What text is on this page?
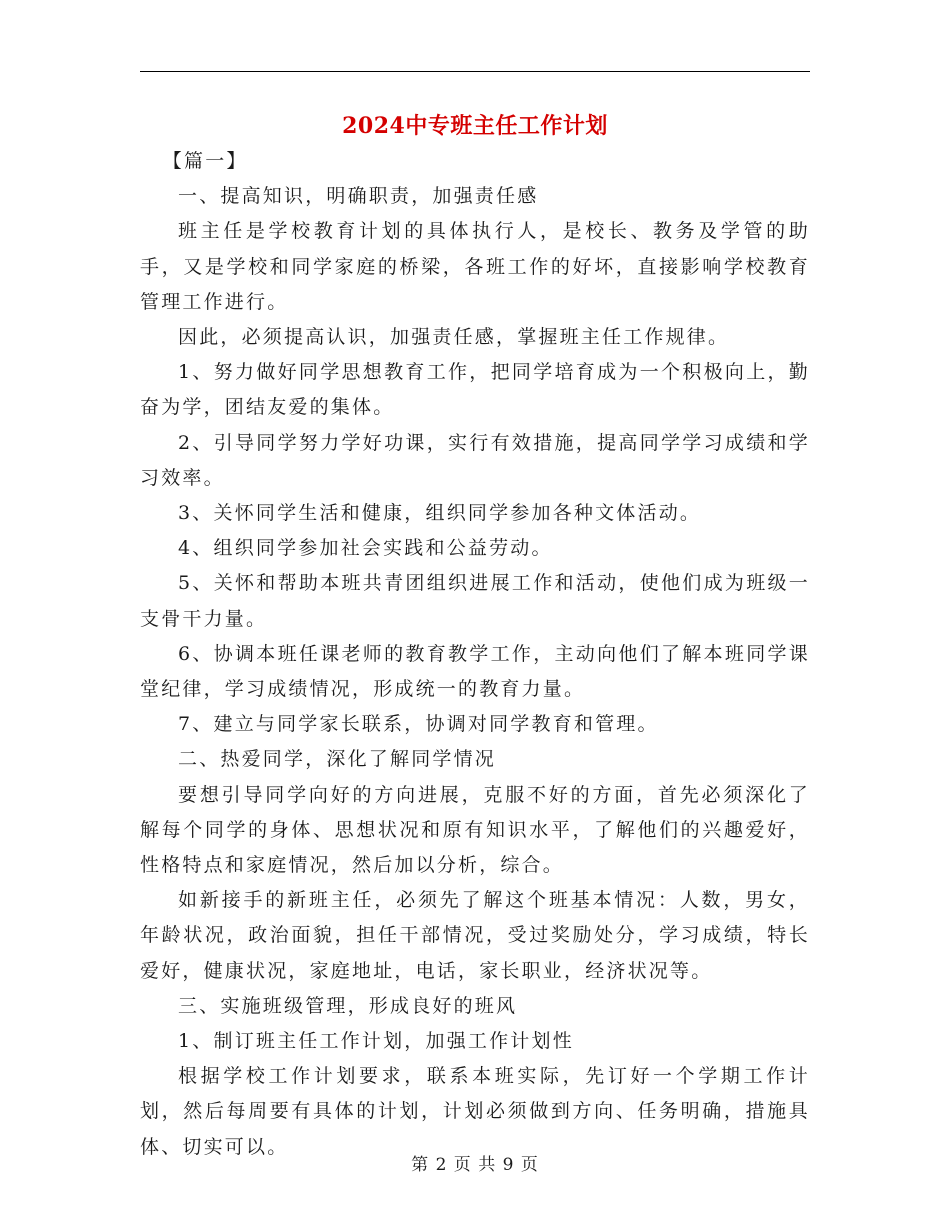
2024中专班主任工作计划

【篇一】

一、提高知识，明确职责，加强责任感

班主任是学校教育计划的具体执行人，是校长、教务及学管的助手，又是学校和同学家庭的桥梁，各班工作的好坏，直接影响学校教育管理工作进行。

因此，必须提高认识，加强责任感，掌握班主任工作规律。

1、努力做好同学思想教育工作，把同学培育成为一个积极向上，勤奋为学，团结友爱的集体。

2、引导同学努力学好功课，实行有效措施，提高同学学习成绩和学习效率。

3、关怀同学生活和健康，组织同学参加各种文体活动。

4、组织同学参加社会实践和公益劳动。

5、关怀和帮助本班共青团组织进展工作和活动，使他们成为班级一支骨干力量。

6、协调本班任课老师的教育教学工作，主动向他们了解本班同学课堂纪律，学习成绩情况，形成统一的教育力量。

7、建立与同学家长联系，协调对同学教育和管理。

二、热爱同学，深化了解同学情况

要想引导同学向好的方向进展，克服不好的方面，首先必须深化了解每个同学的身体、思想状况和原有知识水平，了解他们的兴趣爱好，性格特点和家庭情况，然后加以分析，综合。

如新接手的新班主任，必须先了解这个班基本情况：人数，男女，年龄状况，政治面貌，担任干部情况，受过奖励处分，学习成绩，特长爱好，健康状况，家庭地址，电话，家长职业，经济状况等。

三、实施班级管理，形成良好的班风

1、制订班主任工作计划，加强工作计划性

根据学校工作计划要求，联系本班实际，先订好一个学期工作计划，然后每周要有具体的计划，计划必须做到方向、任务明确，措施具体、切实可以。

第 2 页 共 9 页
